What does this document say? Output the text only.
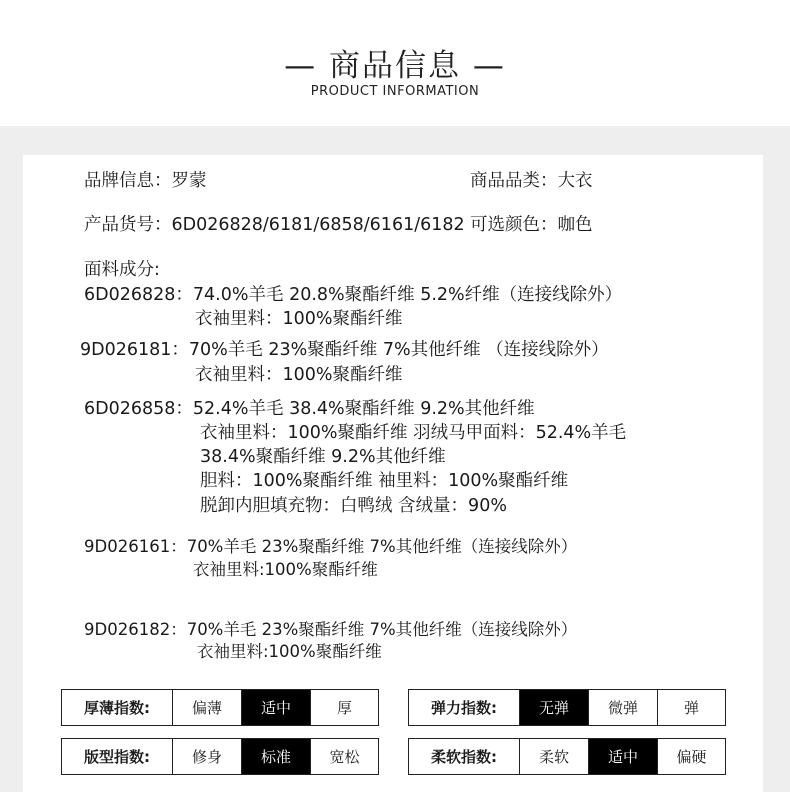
— 商品信息 —
PRODUCT INFORMATION
品牌信息：罗蒙	商品品类：大衣
产品货号：6D026828/6181/6858/6161/6182 可选颜色：咖色
面料成分:
6D026828：74.0%羊毛 20.8%聚酯纤维 5.2%纤维（连接线除外）
衣袖里料：100%聚酯纤维
9D026181：70%羊毛 23%聚酯纤维 7%其他纤维 （连接线除外）
衣袖里料：100%聚酯纤维
6D026858：52.4%羊毛 38.4%聚酯纤维 9.2%其他纤维
衣袖里料：100%聚酯纤维 羽绒马甲面料：52.4%羊毛
38.4%聚酯纤维 9.2%其他纤维
胆料：100%聚酯纤维 袖里料：100%聚酯纤维
脱卸内胆填充物：白鸭绒 含绒量：90%
9D026161：70%羊毛 23%聚酯纤维 7%其他纤维（连接线除外）
衣袖里料:100%聚酯纤维
9D026182：70%羊毛 23%聚酯纤维 7%其他纤维（连接线除外）
衣袖里料:100%聚酯纤维
厚薄指数:	偏薄	适中	厚	弹力指数:	无弹	微弹	弹
版型指数:	修身	标准	宽松	柔软指数:	柔软	适中	偏硬
